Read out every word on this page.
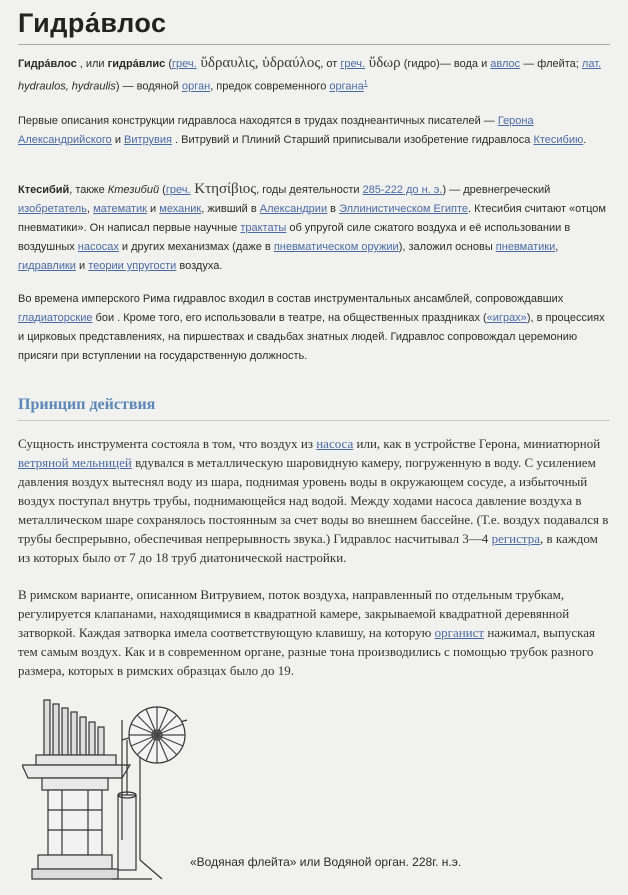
Гидра́влос
Гидра́влос , или гидра́влис (греч. ὕδραυλις, ὑδραύλος, от греч. ὕδωρ (гидро)— вода и авлос — флейта; лат. hydraulos, hydraulis) — водяной орган, предок современного органа$^1$
Первые описания конструкции гидравлоса находятся в трудах позднеантичных писателей — Герона Александрийского и Витрувия . Витрувий и Плиний Старший приписывали изобретение гидравлоса Ктесибию.
Ктесибий, также Ктезибий (греч. Κτησίβιος, годы деятельности 285-222 до н. э.) — древнегреческий изобретатель, математик и механик, живший в Александрии в Эллинистическом Египте. Ктесибия считают «отцом пневматики». Он написал первые научные трактаты об упругой силе сжатого воздуха и её использовании в воздушных насосах и других механизмах (даже в пневматическом оружии), заложил основы пневматики, гидравлики и теории упругости воздуха.
Во времена имперского Рима гидравлос входил в состав инструментальных ансамблей, сопровождавших гладиаторские бои . Кроме того, его использовали в театре, на общественных праздниках («играх»), в процессиях и цирковых представлениях, на пиршествах и свадьбах знатных людей. Гидравлос сопровождал церемонию присяги при вступлении на государственную должность.
Принцип действия
Сущность инструмента состояла в том, что воздух из насоса или, как в устройстве Герона, миниатюрной ветряной мельницей вдувался в металлическую шаровидную камеру, погруженную в воду. С усилением давления воздух вытеснял воду из шара, поднимая уровень воды в окружающем сосуде, а избыточный воздух поступал внутрь трубы, поднимающейся над водой. Между ходами насоса давление воздуха в металлическом шаре сохранялось постоянным за счет воды во внешнем бассейне. (Т.е. воздух подавался в трубы беспрерывно, обеспечивая непрерывность звука.) Гидравлос насчитывал 3—4 регистра, в каждом из которых было от 7 до 18 труб диатонической настройки.
В римском варианте, описанном Витрувием, поток воздуха, направленный по отдельным трубкам, регулируется клапанами, находящимися в квадратной камере, закрываемой квадратной деревянной затворкой. Каждая затворка имела соответствующую клавишу, на которую органист нажимал, выпуская тем самым воздух. Как и в современном органе, разные тона производились с помощью трубок разного размера, которых в римских образцах было до 19.
«Водяная флейта» или Водяной орган. 228г. н.э.
